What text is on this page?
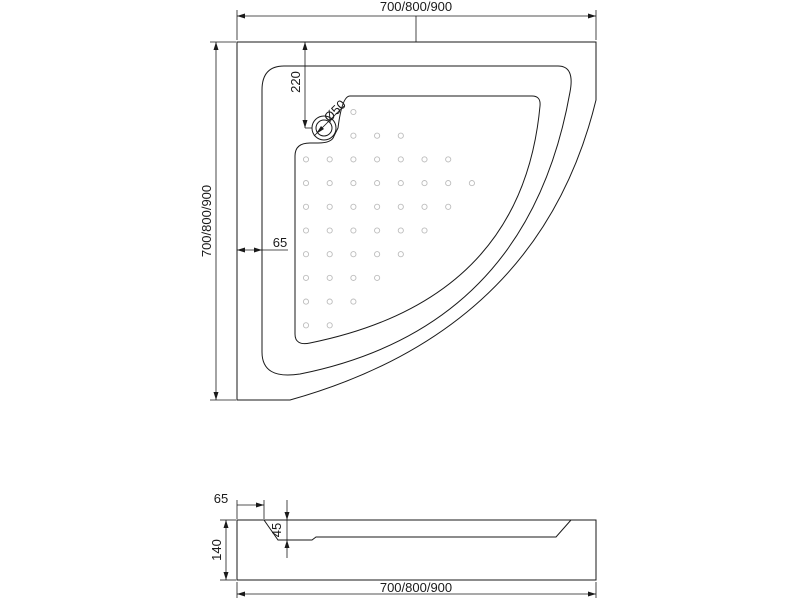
700/800/900
700/800/900
220
Ø50
65
65
45
140
700/800/900
